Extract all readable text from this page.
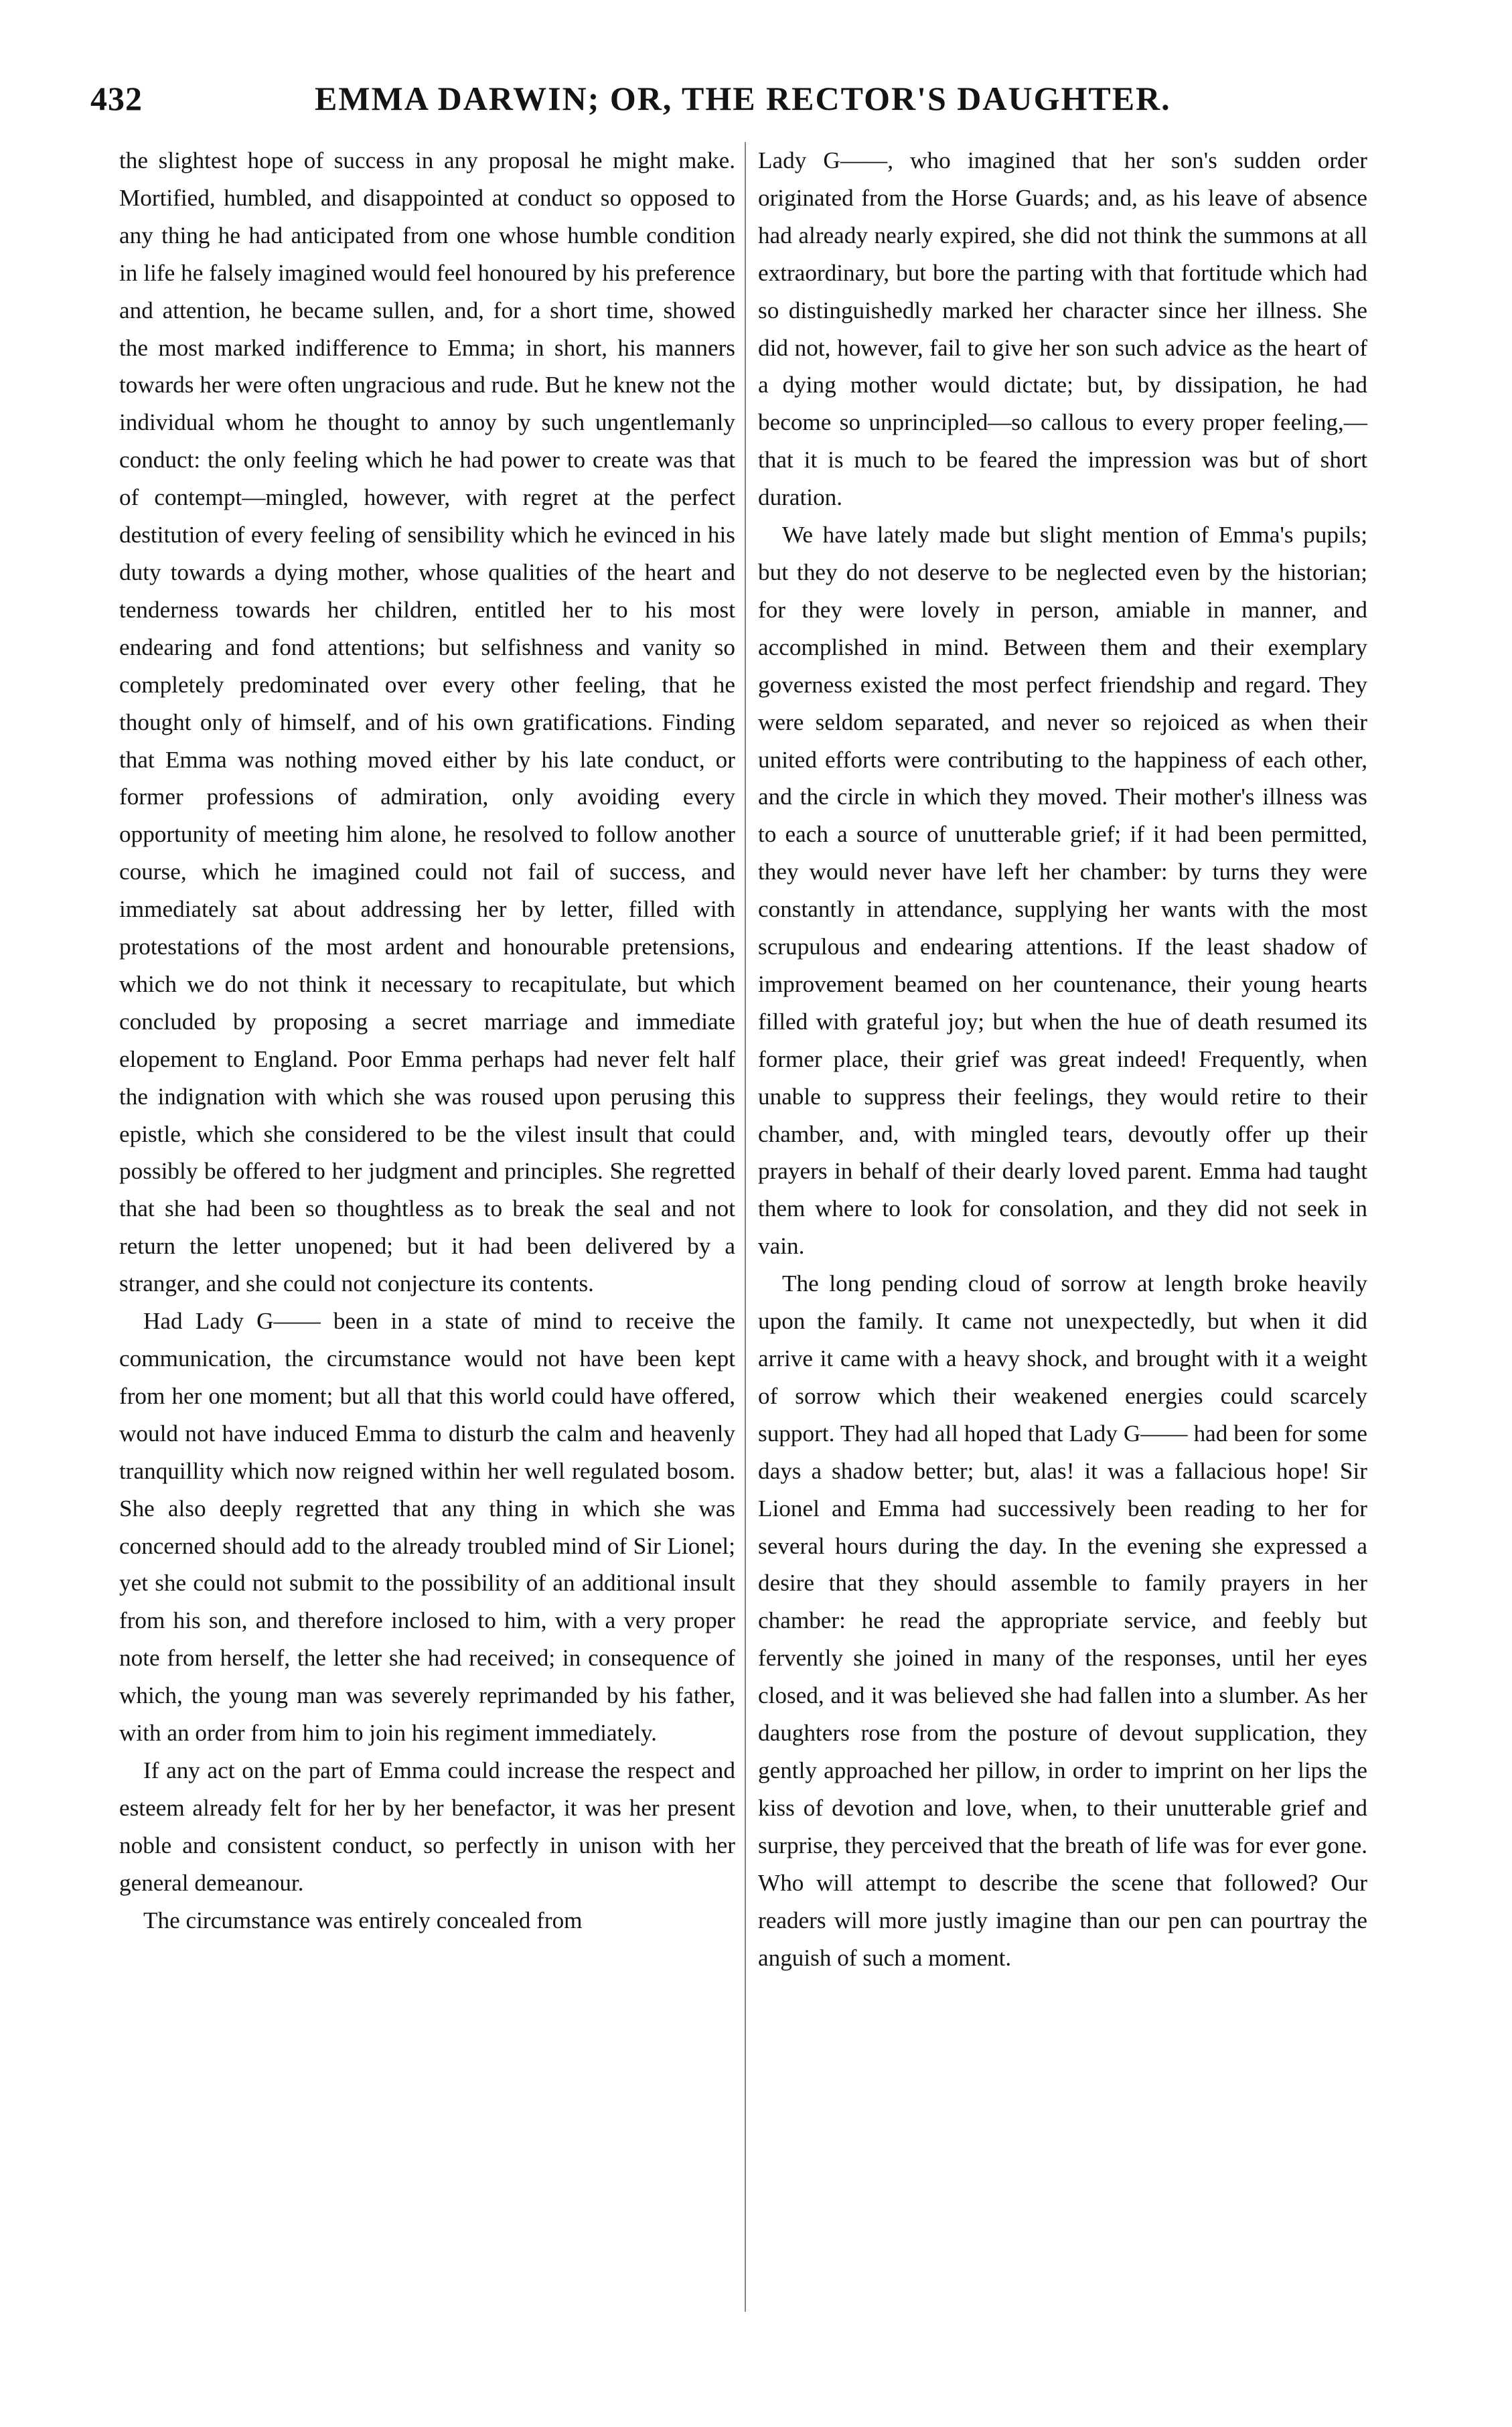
432	EMMA DARWIN; OR, THE RECTOR'S DAUGHTER.

the slightest hope of success in any proposal he might make. Mortified, humbled, and disappointed at conduct so opposed to any thing he had anticipated from one whose humble condition in life he falsely imagined would feel honoured by his preference and attention, he became sullen, and, for a short time, showed the most marked indifference to Emma; in short, his manners towards her were often ungracious and rude. But he knew not the individual whom he thought to annoy by such ungentlemanly conduct: the only feeling which he had power to create was that of contempt—mingled, however, with regret at the perfect destitution of every feeling of sensibility which he evinced in his duty towards a dying mother, whose qualities of the heart and tenderness towards her children, entitled her to his most endearing and fond attentions; but selfishness and vanity so completely predominated over every other feeling, that he thought only of himself, and of his own gratifications. Finding that Emma was nothing moved either by his late conduct, or former professions of admiration, only avoiding every opportunity of meeting him alone, he resolved to follow another course, which he imagined could not fail of success, and immediately sat about addressing her by letter, filled with protestations of the most ardent and honourable pretensions, which we do not think it necessary to recapitulate, but which concluded by proposing a secret marriage and immediate elopement to England. Poor Emma perhaps had never felt half the indignation with which she was roused upon perusing this epistle, which she considered to be the vilest insult that could possibly be offered to her judgment and principles. She regretted that she had been so thoughtless as to break the seal and not return the letter unopened; but it had been delivered by a stranger, and she could not conjecture its contents.

Had Lady G—— been in a state of mind to receive the communication, the circumstance would not have been kept from her one moment; but all that this world could have offered, would not have induced Emma to disturb the calm and heavenly tranquillity which now reigned within her well regulated bosom. She also deeply regretted that any thing in which she was concerned should add to the already troubled mind of Sir Lionel; yet she could not submit to the possibility of an additional insult from his son, and therefore inclosed to him, with a very proper note from herself, the letter she had received; in consequence of which, the young man was severely reprimanded by his father, with an order from him to join his regiment immediately.

If any act on the part of Emma could increase the respect and esteem already felt for her by her benefactor, it was her present noble and consistent conduct, so perfectly in unison with her general demeanour.

The circumstance was entirely concealed from

Lady G——, who imagined that her son's sudden order originated from the Horse Guards; and, as his leave of absence had already nearly expired, she did not think the summons at all extraordinary, but bore the parting with that fortitude which had so distinguishedly marked her character since her illness. She did not, however, fail to give her son such advice as the heart of a dying mother would dictate; but, by dissipation, he had become so unprincipled—so callous to every proper feeling,—that it is much to be feared the impression was but of short duration.

We have lately made but slight mention of Emma's pupils; but they do not deserve to be neglected even by the historian; for they were lovely in person, amiable in manner, and accomplished in mind. Between them and their exemplary governess existed the most perfect friendship and regard. They were seldom separated, and never so rejoiced as when their united efforts were contributing to the happiness of each other, and the circle in which they moved. Their mother's illness was to each a source of unutterable grief; if it had been permitted, they would never have left her chamber: by turns they were constantly in attendance, supplying her wants with the most scrupulous and endearing attentions. If the least shadow of improvement beamed on her countenance, their young hearts filled with grateful joy; but when the hue of death resumed its former place, their grief was great indeed! Frequently, when unable to suppress their feelings, they would retire to their chamber, and, with mingled tears, devoutly offer up their prayers in behalf of their dearly loved parent. Emma had taught them where to look for consolation, and they did not seek in vain.

The long pending cloud of sorrow at length broke heavily upon the family. It came not unexpectedly, but when it did arrive it came with a heavy shock, and brought with it a weight of sorrow which their weakened energies could scarcely support. They had all hoped that Lady G—— had been for some days a shadow better; but, alas! it was a fallacious hope! Sir Lionel and Emma had successively been reading to her for several hours during the day. In the evening she expressed a desire that they should assemble to family prayers in her chamber: he read the appropriate service, and feebly but fervently she joined in many of the responses, until her eyes closed, and it was believed she had fallen into a slumber. As her daughters rose from the posture of devout supplication, they gently approached her pillow, in order to imprint on her lips the kiss of devotion and love, when, to their unutterable grief and surprise, they perceived that the breath of life was for ever gone. Who will attempt to describe the scene that followed? Our readers will more justly imagine than our pen can pourtray the anguish of such a moment.
